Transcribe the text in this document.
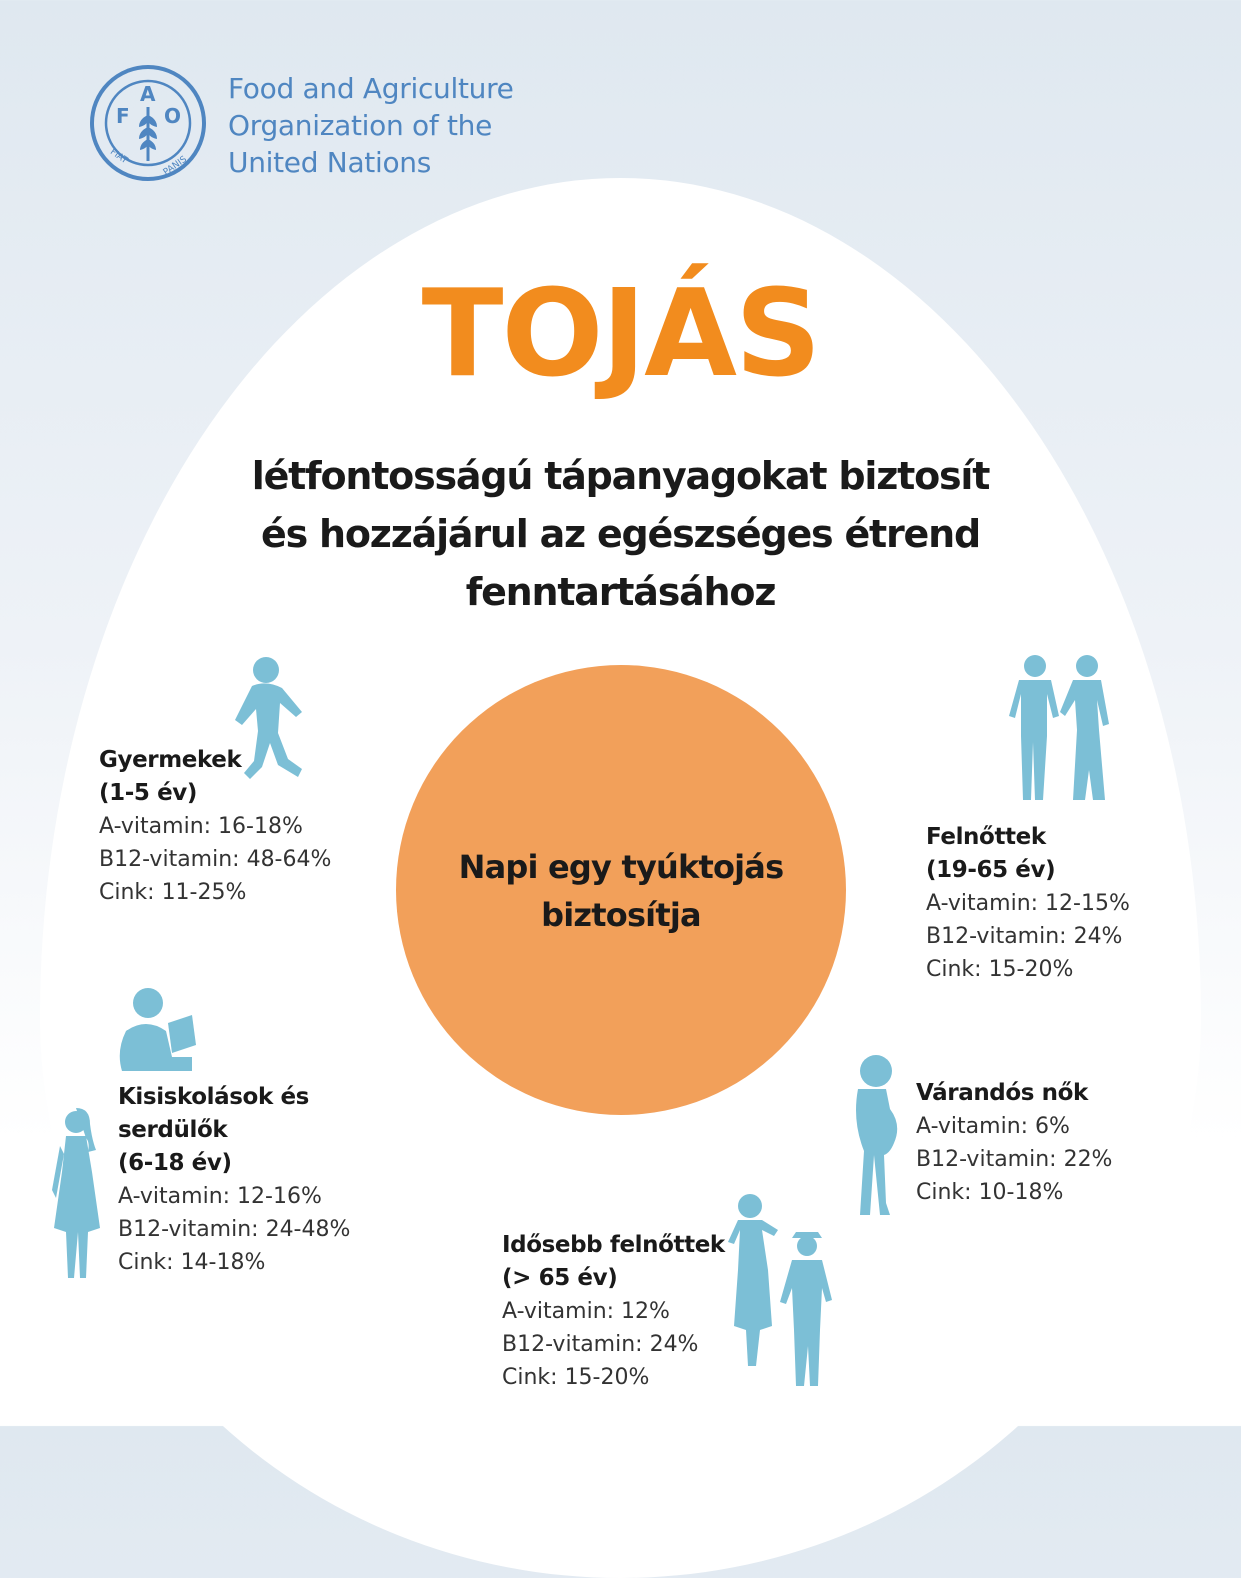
F
A
O
FIAT	PANIS
Food and Agriculture
Organization of the
United Nations
TOJÁS
létfontosságú tápanyagokat biztosít
és hozzájárul az egészséges étrend
fenntartásához
Napi egy tyúktojás
biztosítja
Gyermekek
(1-5 év)
A-vitamin: 16-18%
B12-vitamin: 48-64%
Cink: 11-25%
Felnőttek
(19-65 év)
A-vitamin: 12-15%
B12-vitamin: 24%
Cink: 15-20%
Kisiskolások és
serdülők
(6-18 év)
A-vitamin: 12-16%
B12-vitamin: 24-48%
Cink: 14-18%
Várandós nők
A-vitamin: 6%
B12-vitamin: 22%
Cink: 10-18%
Idősebb felnőttek
(> 65 év)
A-vitamin: 12%
B12-vitamin: 24%
Cink: 15-20%
